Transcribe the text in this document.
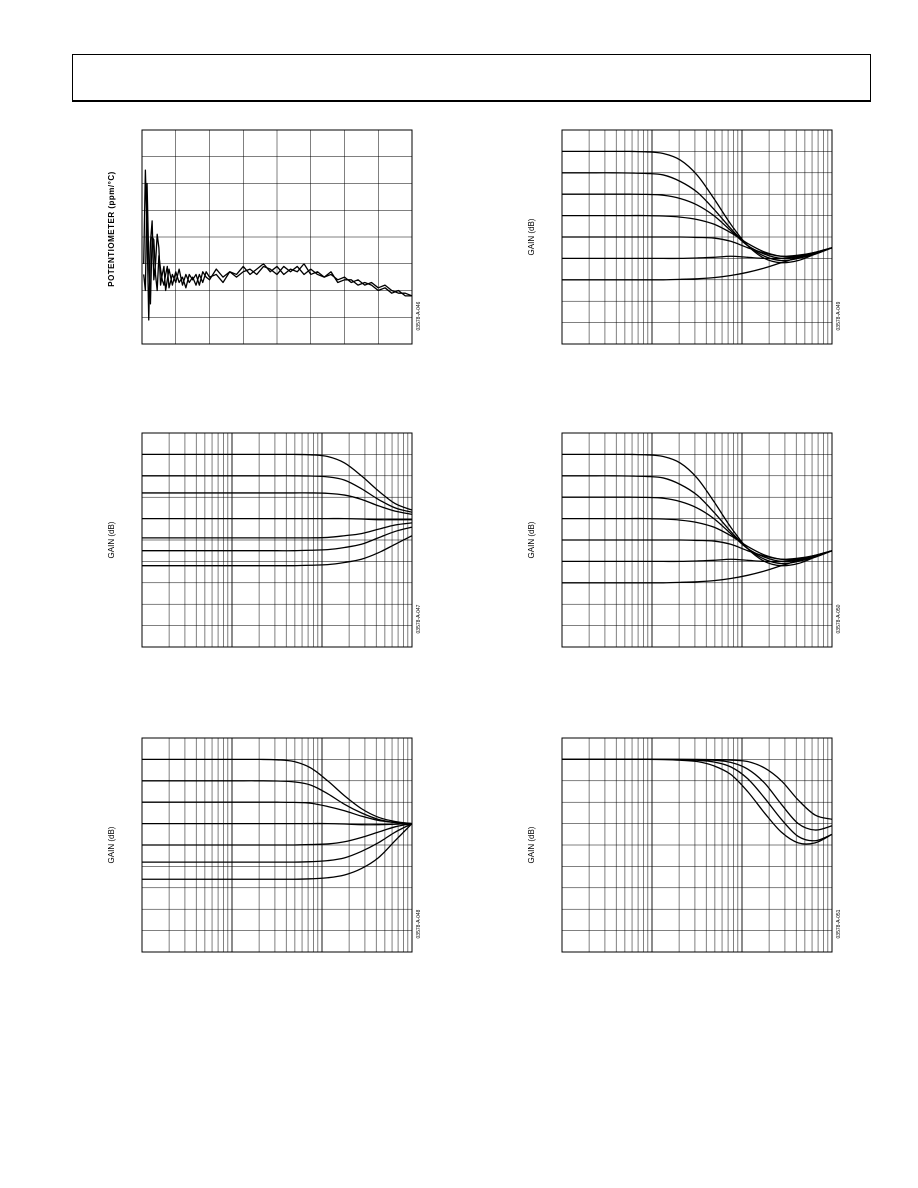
POTENTIOMETER (ppm/°C)
03578-A-046
GAIN (dB)
03578-A-049
GAIN (dB)
03578-A-047
GAIN (dB)
03578-A-050
GAIN (dB)
03578-A-048
GAIN (dB)
03578-A-051
